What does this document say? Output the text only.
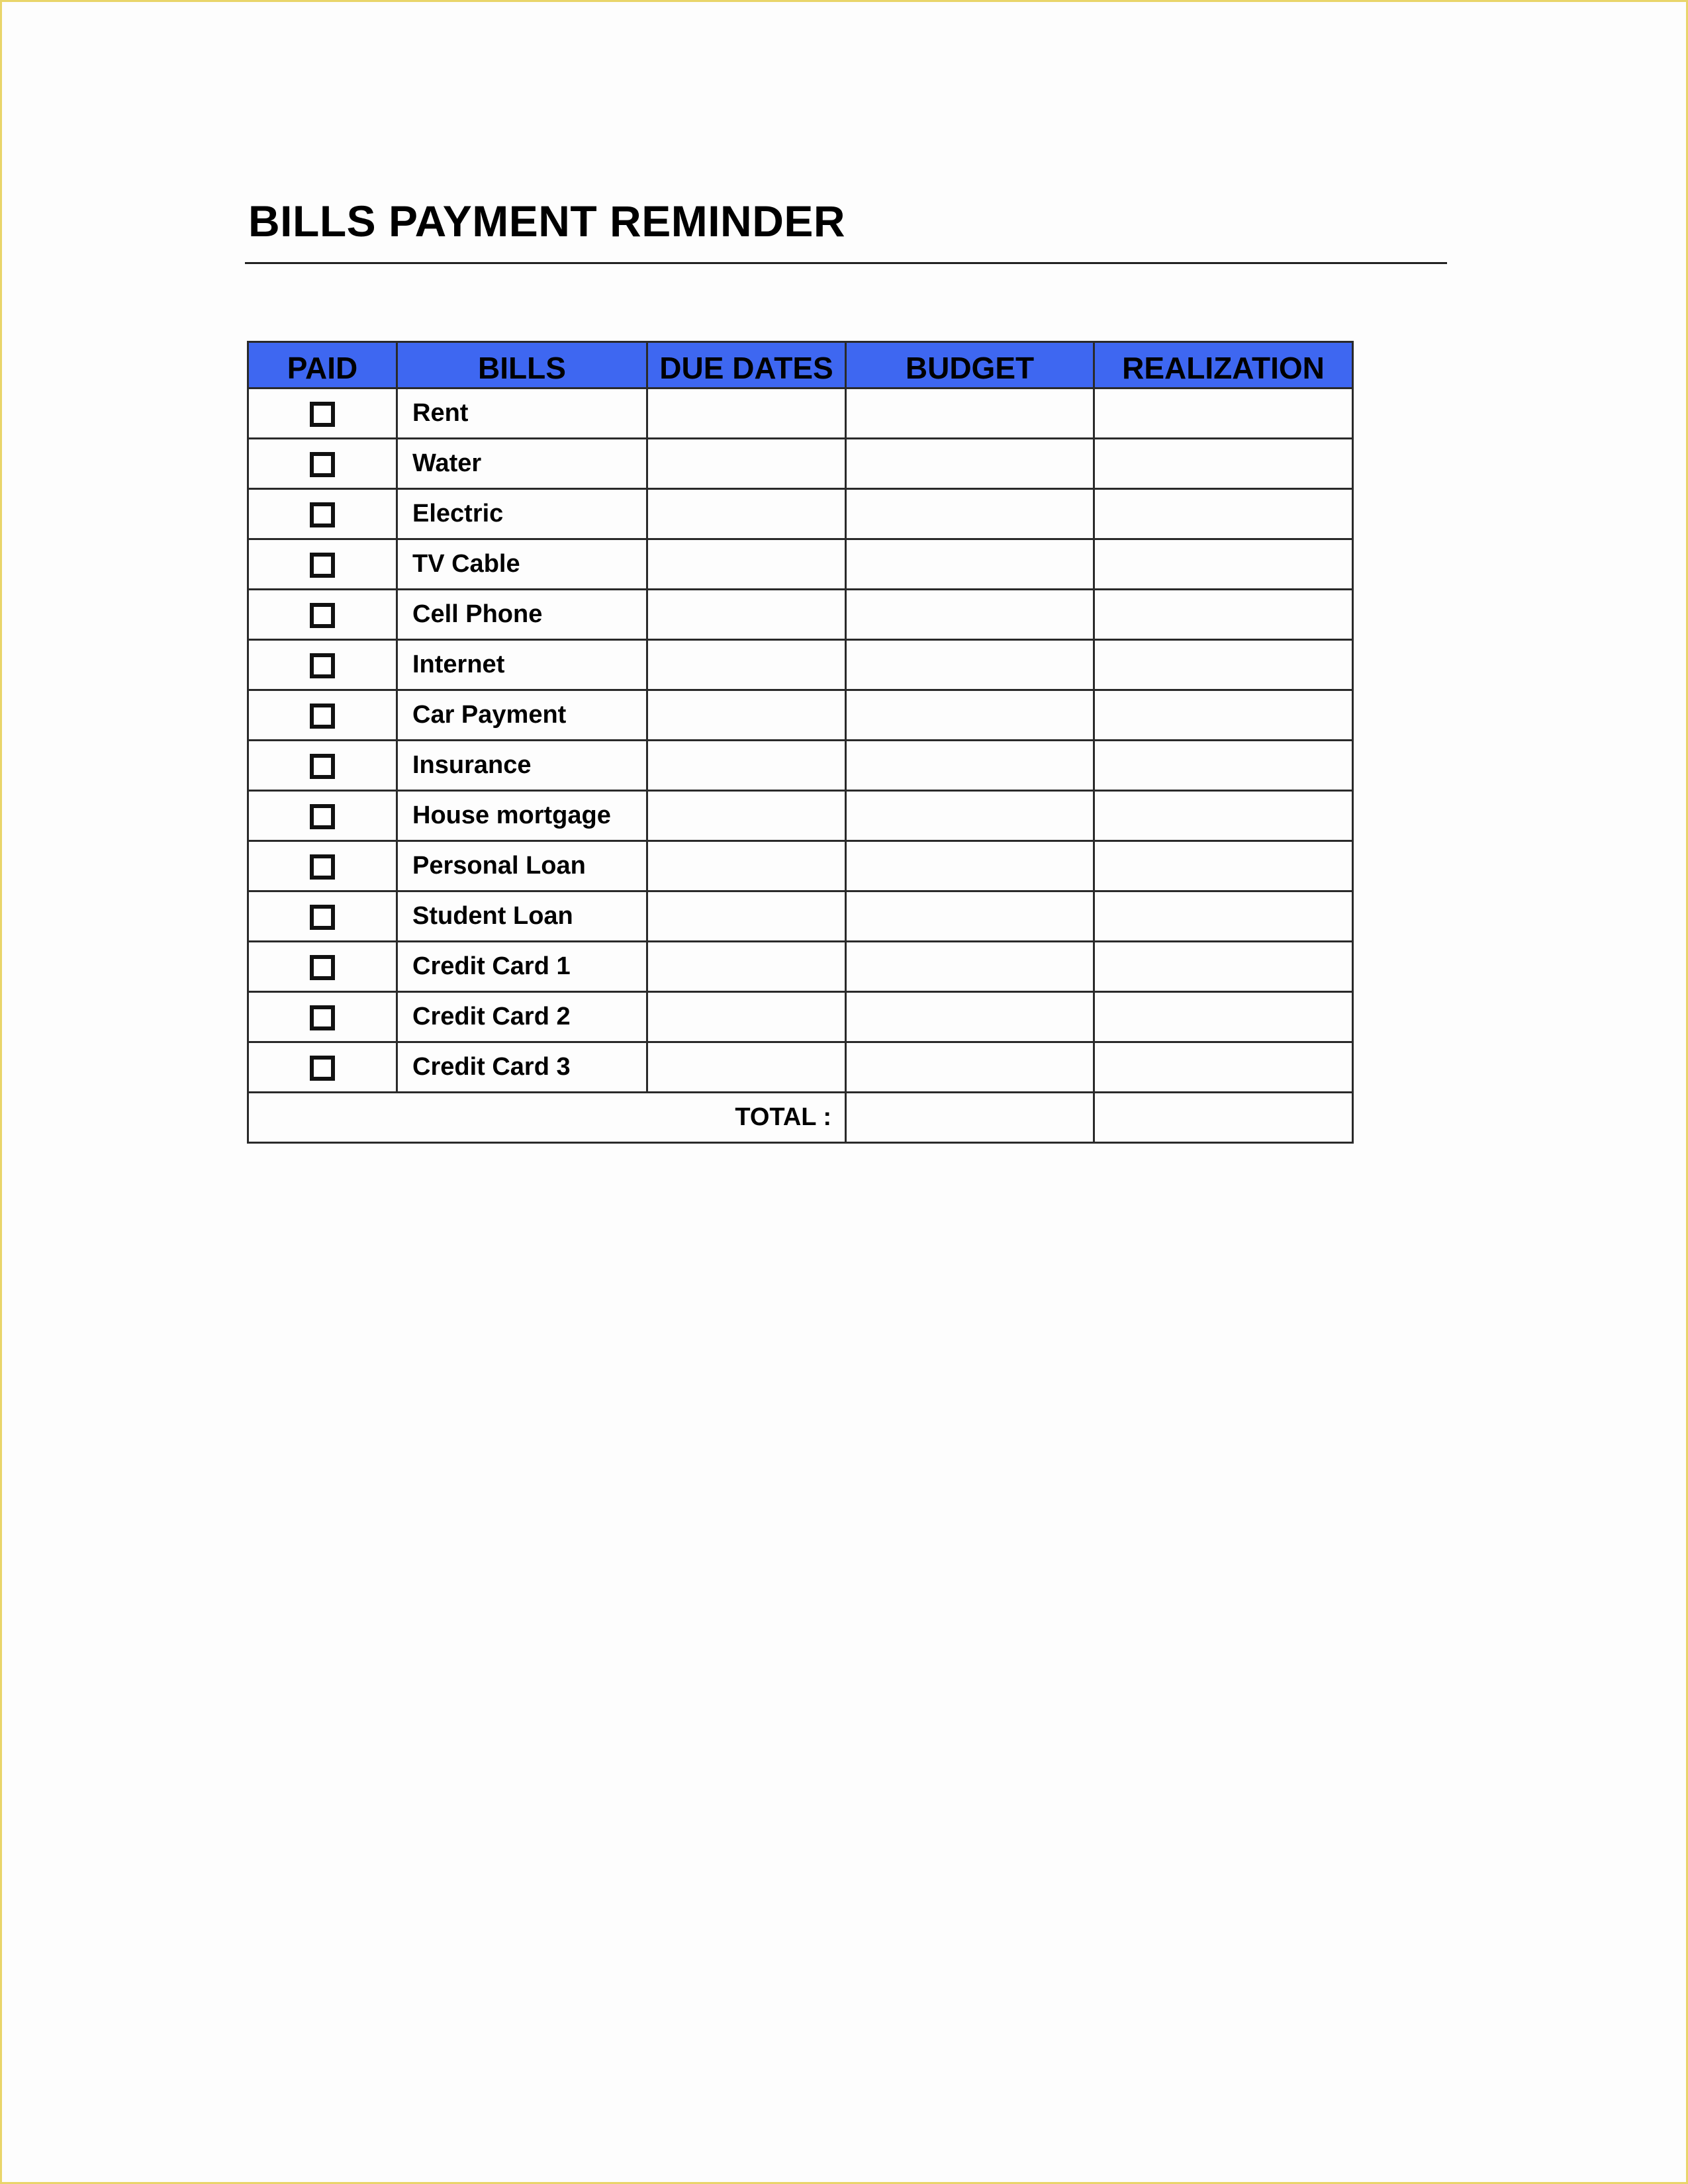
BILLS PAYMENT REMINDER
PAID	BILLS	DUE DATES	BUDGET	REALIZATION
	Rent			
	Water			
	Electric			
	TV Cable			
	Cell Phone			
	Internet			
	Car Payment			
	Insurance			
	House mortgage			
	Personal Loan			
	Student Loan			
	Credit Card 1			
	Credit Card 2			
	Credit Card 3			
TOTAL :				
